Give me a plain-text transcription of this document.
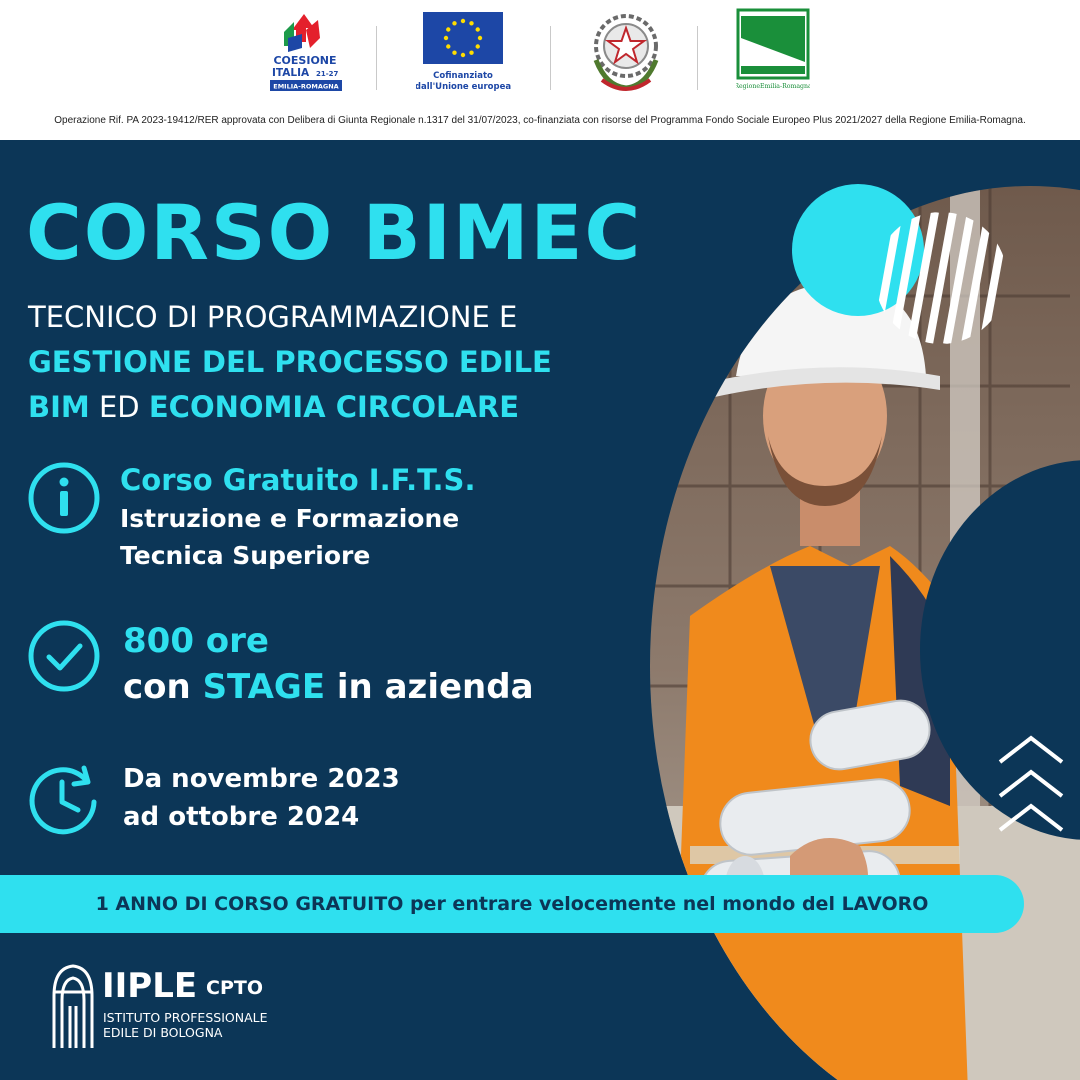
COESIONE
ITALIA 21-27
EMILIA-ROMAGNA
Cofinanziato
dall'Unione europea	RegioneEmilia-Romagna
Operazione Rif. PA 2023-19412/RER approvata con Delibera di Giunta Regionale n.1317 del 31/07/2023, co-finanziata con risorse del Programma Fondo Sociale Europeo Plus 2021/2027 della Regione Emilia-Romagna.
CORSO BIMEC
TECNICO DI PROGRAMMAZIONE E
GESTIONE DEL PROCESSO EDILE
BIM ED ECONOMIA CIRCOLARE
Corso Gratuito I.F.T.S.
Istruzione e Formazione
Tecnica Superiore
800 ore
con STAGE in azienda
Da novembre 2023
ad ottobre 2024
1 ANNO DI CORSO GRATUITO per entrare velocemente nel mondo del LAVORO
IIPLE CPTO
ISTITUTO PROFESSIONALE
EDILE DI BOLOGNA
